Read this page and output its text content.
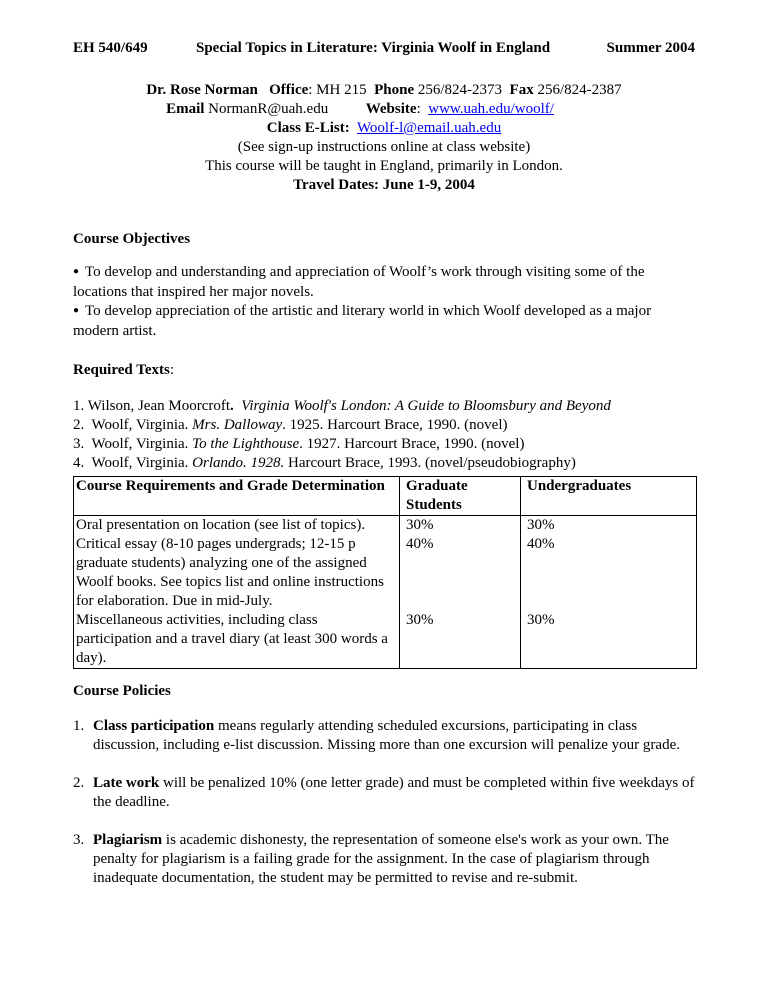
EH 540/649	Special Topics in Literature: Virginia Woolf in England	Summer 2004
Dr. Rose Norman Office: MH 215 Phone 256/824-2373 Fax 256/824-2387
Email NormanR@uah.edu	Website: www.uah.edu/woolf/
Class E-List: Woolf-l@email.uah.edu
(See sign-up instructions online at class website)
This course will be taught in England, primarily in London.
Travel Dates: June 1-9, 2004
Course Objectives
● To develop and understanding and appreciation of Woolf’s work through visiting some of the locations that inspired her major novels.
● To develop appreciation of the artistic and literary world in which Woolf developed as a major modern artist.
Required Texts:
1. Wilson, Jean Moorcroft. Virginia Woolf's London: A Guide to Bloomsbury and Beyond
2. Woolf, Virginia. Mrs. Dalloway. 1925. Harcourt Brace, 1990. (novel)
3. Woolf, Virginia. To the Lighthouse. 1927. Harcourt Brace, 1990. (novel)
4. Woolf, Virginia. Orlando. 1928. Harcourt Brace, 1993. (novel/pseudobiography)
Course Requirements and Grade Determination	Graduate Students	Undergraduates
Oral presentation on location (see list of topics).	30%	30%
Critical essay (8-10 pages undergrads; 12-15 p graduate students) analyzing one of the assigned Woolf books. See topics list and online instructions for elaboration. Due in mid-July.	40%	40%
Miscellaneous activities, including class participation and a travel diary (at least 300 words a day).	30%	30%
Course Policies
1. Class participation means regularly attending scheduled excursions, participating in class discussion, including e-list discussion. Missing more than one excursion will penalize your grade.
2. Late work will be penalized 10% (one letter grade) and must be completed within five weekdays of the deadline.
3. Plagiarism is academic dishonesty, the representation of someone else's work as your own. The penalty for plagiarism is a failing grade for the assignment. In the case of plagiarism through inadequate documentation, the student may be permitted to revise and re-submit.
